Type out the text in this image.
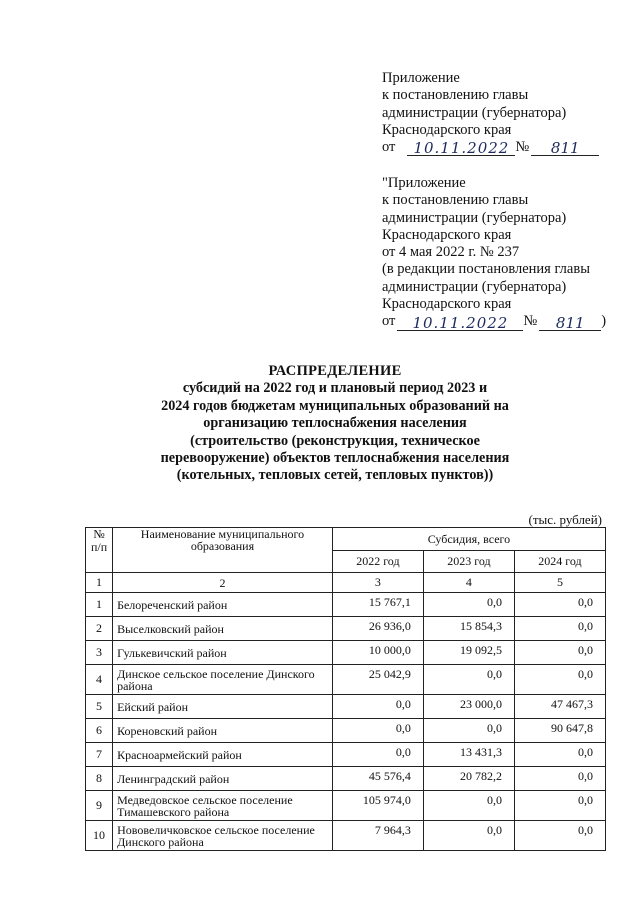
Приложение
к постановлению главы
администрации (губернатора)
Краснодарского края
от	10.11.2022 №	811
"Приложение
к постановлению главы
администрации (губернатора)
Краснодарского края
от 4 мая 2022 г. № 237
(в редакции постановления главы
администрации (губернатора)
Краснодарского края
от	10.11.2022	№	811	)
РАСПРЕДЕЛЕНИЕ
субсидий на 2022 год и плановый период 2023 и
2024 годов бюджетам муниципальных образований на
организацию теплоснабжения населения
(строительство (реконструкция, техническое
перевооружение) объектов теплоснабжения населения
(котельных, тепловых сетей, тепловых пунктов))
(тыс. рублей)
№ п/п	Наименование муниципального образования	Субсидия, всего		
		2022 год	2023 год	2024 год
1	2	3	4	5
1	Белореченский район	15 767,1	0,0	0,0
2	Выселковский район	26 936,0	15 854,3	0,0
3	Гулькевичский район	10 000,0	19 092,5	0,0
4	Динское сельское поселение Динского района	25 042,9	0,0	0,0
5	Ейский район	0,0	23 000,0	47 467,3
6	Кореновский район	0,0	0,0	90 647,8
7	Красноармейский район	0,0	13 431,3	0,0
8	Ленинградский район	45 576,4	20 782,2	0,0
9	Медведовское сельское поселение Тимашевского района	105 974,0	0,0	0,0
10	Нововеличковское сельское поселение Динского района	7 964,3	0,0	0,0
